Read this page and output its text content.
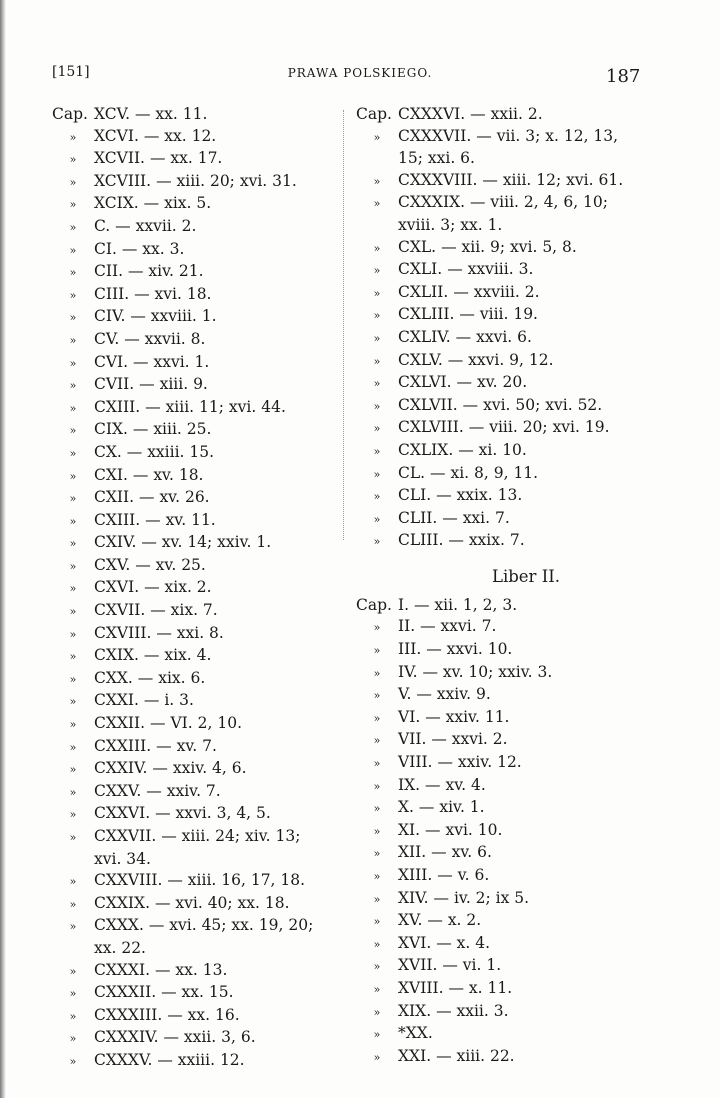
[151]	PRAWA POLSKIEGO.	187
Cap. XCV. — xx. 11.
» XCVI. — xx. 12.
» XCVII. — xx. 17.
» XCVIII. — xiii. 20; xvi. 31.
» XCIX. — xix. 5.
» C. — xxvii. 2.
» CI. — xx. 3.
» CII. — xiv. 21.
» CIII. — xvi. 18.
» CIV. — xxviii. 1.
» CV. — xxvii. 8.
» CVI. — xxvi. 1.
» CVII. — xiii. 9.
» CXIII. — xiii. 11; xvi. 44.
» CIX. — xiii. 25.
» CX. — xxiii. 15.
» CXI. — xv. 18.
» CXII. — xv. 26.
» CXIII. — xv. 11.
» CXIV. — xv. 14; xxiv. 1.
» CXV. — xv. 25.
» CXVI. — xix. 2.
» CXVII. — xix. 7.
» CXVIII. — xxi. 8.
» CXIX. — xix. 4.
» CXX. — xix. 6.
» CXXI. — i. 3.
» CXXII. — VI. 2, 10.
» CXXIII. — xv. 7.
» CXXIV. — xxiv. 4, 6.
» CXXV. — xxiv. 7.
» CXXVI. — xxvi. 3, 4, 5.
» CXXVII. — xiii. 24; xiv. 13;
xvi. 34.
» CXXVIII. — xiii. 16, 17, 18.
» CXXIX. — xvi. 40; xx. 18.
» CXXX. — xvi. 45; xx. 19, 20;
xx. 22.
» CXXXI. — xx. 13.
» CXXXII. — xx. 15.
» CXXXIII. — xx. 16.
» CXXXIV. — xxii. 3, 6.
» CXXXV. — xxiii. 12.
Cap. CXXXVI. — xxii. 2.
» CXXXVII. — vii. 3; x. 12, 13,
15; xxi. 6.
» CXXXVIII. — xiii. 12; xvi. 61.
» CXXXIX. — viii. 2, 4, 6, 10;
xviii. 3; xx. 1.
» CXL. — xii. 9; xvi. 5, 8.
» CXLI. — xxviii. 3.
» CXLII. — xxviii. 2.
» CXLIII. — viii. 19.
» CXLIV. — xxvi. 6.
» CXLV. — xxvi. 9, 12.
» CXLVI. — xv. 20.
» CXLVII. — xvi. 50; xvi. 52.
» CXLVIII. — viii. 20; xvi. 19.
» CXLIX. — xi. 10.
» CL. — xi. 8, 9, 11.
» CLI. — xxix. 13.
» CLII. — xxi. 7.
» CLIII. — xxix. 7.
Liber II.
Cap. I. — xii. 1, 2, 3.
» II. — xxvi. 7.
» III. — xxvi. 10.
» IV. — xv. 10; xxiv. 3.
» V. — xxiv. 9.
» VI. — xxiv. 11.
» VII. — xxvi. 2.
» VIII. — xxiv. 12.
» IX. — xv. 4.
» X. — xiv. 1.
» XI. — xvi. 10.
» XII. — xv. 6.
» XIII. — v. 6.
» XIV. — iv. 2; ix 5.
» XV. — x. 2.
» XVI. — x. 4.
» XVII. — vi. 1.
» XVIII. — x. 11.
» XIX. — xxii. 3.
» *XX.
» XXI. — xiii. 22.
